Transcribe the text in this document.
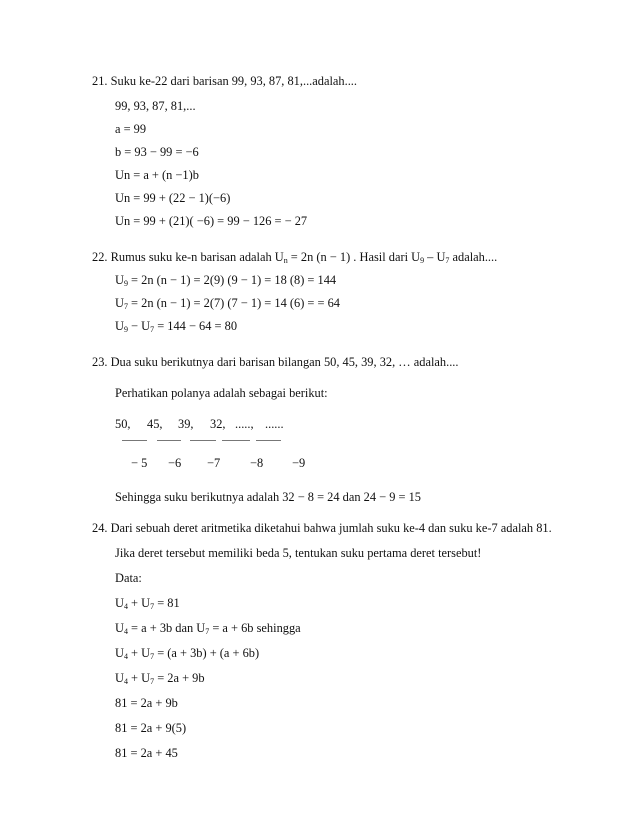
21. Suku ke-22 dari barisan 99, 93, 87, 81,...adalah....
99, 93, 87, 81,...
a = 99
b = 93 − 99 = −6
Un = a + (n −1)b
Un = 99 + (22 − 1)(−6)
Un = 99 + (21)( −6) = 99 − 126 = − 27
22. Rumus suku ke-n barisan adalah $U_n = 2n$ (n − 1) . Hasil dari $U_9 - U_7$ adalah....
$U_9 = 2n$ (n − 1) = 2(9) (9 − 1) = 18 (8) = 144
$U_7 = 2n$ (n − 1) = 2(7) (7 − 1) = 14 (6) = = 64
$U_9 - U_7 = 144 - 64 = 80$
23. Dua suku berikutnya dari barisan bilangan 50, 45, 39, 32, … adalah....
Perhatikan polanya adalah sebagai berikut:
50, 45, 39, 32, ....., ......
− 5 −6 −7 −8 −9
Sehingga suku berikutnya adalah 32 − 8 = 24 dan 24 − 9 = 15
24. Dari sebuah deret aritmetika diketahui bahwa jumlah suku ke-4 dan suku ke-7 adalah 81.
Jika deret tersebut memiliki beda 5, tentukan suku pertama deret tersebut!
Data:
$U_4 + U_7 = 81$
$U_4 = a + 3b$ dan $U_7 = a + 6b$ sehingga
$U_4 + U_7 = (a + 3b) + (a + 6b)$
$U_4 + U_7 = 2a + 9b$
81 = 2a + 9b
81 = 2a + 9(5)
81 = 2a + 45
